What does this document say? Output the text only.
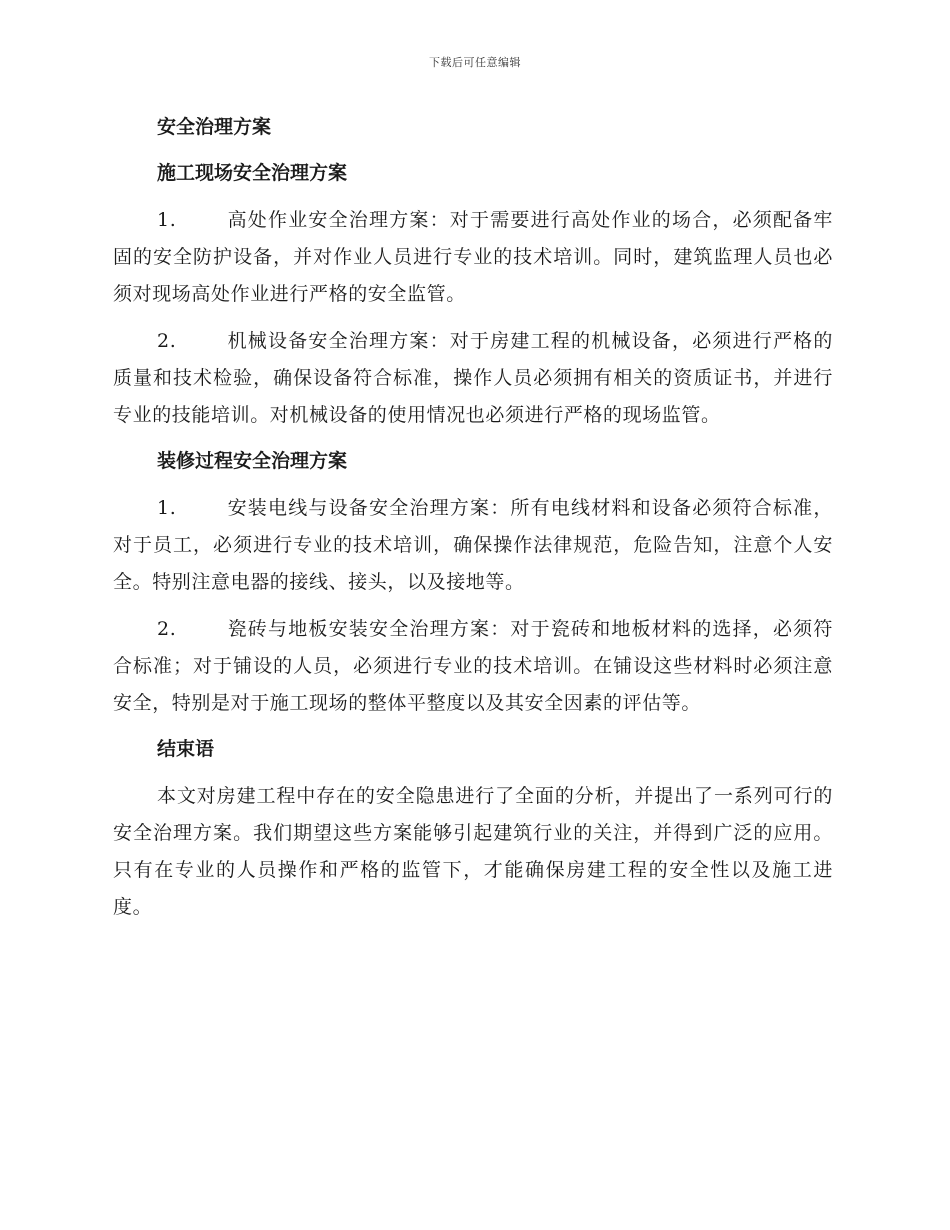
下载后可任意编辑
安全治理方案
施工现场安全治理方案
1.	高处作业安全治理方案：对于需要进行高处作业的场合，必须配备牢固的安全防护设备，并对作业人员进行专业的技术培训。同时，建筑监理人员也必须对现场高处作业进行严格的安全监管。
2.	机械设备安全治理方案：对于房建工程的机械设备，必须进行严格的质量和技术检验，确保设备符合标准，操作人员必须拥有相关的资质证书，并进行专业的技能培训。对机械设备的使用情况也必须进行严格的现场监管。
装修过程安全治理方案
1.	安装电线与设备安全治理方案：所有电线材料和设备必须符合标准，对于员工，必须进行专业的技术培训，确保操作法律规范，危险告知，注意个人安全。特别注意电器的接线、接头，以及接地等。
2.	瓷砖与地板安装安全治理方案：对于瓷砖和地板材料的选择，必须符合标准；对于铺设的人员，必须进行专业的技术培训。在铺设这些材料时必须注意安全，特别是对于施工现场的整体平整度以及其安全因素的评估等。
结束语
本文对房建工程中存在的安全隐患进行了全面的分析，并提出了一系列可行的安全治理方案。我们期望这些方案能够引起建筑行业的关注，并得到广泛的应用。只有在专业的人员操作和严格的监管下，才能确保房建工程的安全性以及施工进度。
